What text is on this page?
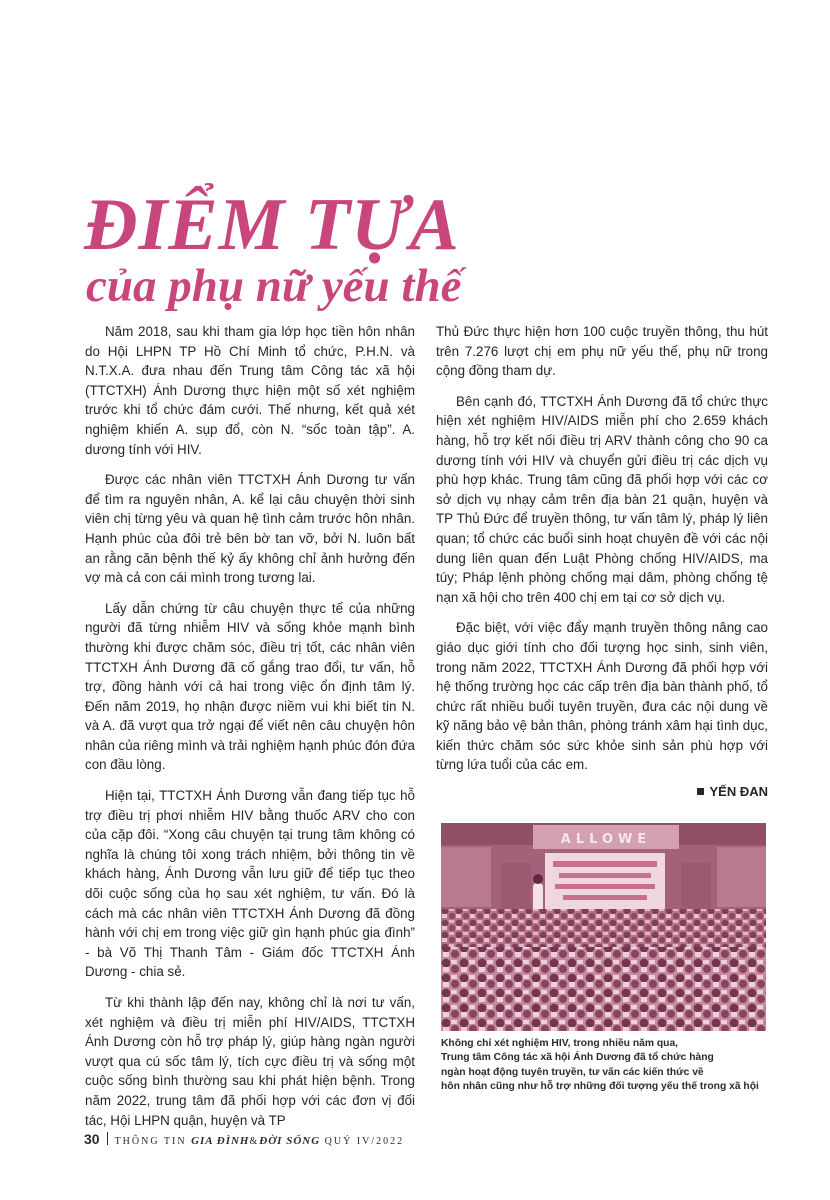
ĐIỂM TỰA
của phụ nữ yếu thế

Năm 2018, sau khi tham gia lớp học tiền hôn nhân do Hội LHPN TP Hồ Chí Minh tổ chức, P.H.N. và N.T.X.A. đưa nhau đến Trung tâm Công tác xã hội (TTCTXH) Ánh Dương thực hiện một số xét nghiệm trước khi tổ chức đám cưới. Thế nhưng, kết quả xét nghiệm khiến A. sụp đổ, còn N. “sốc toàn tập”. A. dương tính với HIV.

Được các nhân viên TTCTXH Ánh Dương tư vấn để tìm ra nguyên nhân, A. kể lại câu chuyện thời sinh viên chị từng yêu và quan hệ tình cảm trước hôn nhân. Hạnh phúc của đôi trẻ bên bờ tan vỡ, bởi N. luôn bất an rằng căn bệnh thế kỷ ấy không chỉ ảnh hưởng đến vợ mà cả con cái mình trong tương lai.

Lấy dẫn chứng từ câu chuyện thực tế của những người đã từng nhiễm HIV và sống khỏe mạnh bình thường khi được chăm sóc, điều trị tốt, các nhân viên TTCTXH Ánh Dương đã cố gắng trao đổi, tư vấn, hỗ trợ, đồng hành với cả hai trong việc ổn định tâm lý. Đến năm 2019, họ nhận được niềm vui khi biết tin N. và A. đã vượt qua trở ngại để viết nên câu chuyện hôn nhân của riêng mình và trải nghiệm hạnh phúc đón đứa con đầu lòng.

Hiện tại, TTCTXH Ánh Dương vẫn đang tiếp tục hỗ trợ điều trị phơi nhiễm HIV bằng thuốc ARV cho con của cặp đôi. “Xong câu chuyện tại trung tâm không có nghĩa là chúng tôi xong trách nhiệm, bởi thông tin về khách hàng, Ánh Dương vẫn lưu giữ để tiếp tục theo dõi cuộc sống của họ sau xét nghiệm, tư vấn. Đó là cách mà các nhân viên TTCTXH Ánh Dương đã đồng hành với chị em trong việc giữ gìn hạnh phúc gia đình” - bà Võ Thị Thanh Tâm - Giám đốc TTCTXH Ánh Dương - chia sẻ.

Từ khi thành lập đến nay, không chỉ là nơi tư vấn, xét nghiệm và điều trị miễn phí HIV/AIDS, TTCTXH Ánh Dương còn hỗ trợ pháp lý, giúp hàng ngàn người vượt qua cú sốc tâm lý, tích cực điều trị và sống một cuộc sống bình thường sau khi phát hiện bệnh. Trong năm 2022, trung tâm đã phối hợp với các đơn vị đối tác, Hội LHPN quận, huyện và TP

Thủ Đức thực hiện hơn 100 cuộc truyền thông, thu hút trên 7.276 lượt chị em phụ nữ yếu thế, phụ nữ trong cộng đồng tham dự.

Bên cạnh đó, TTCTXH Ánh Dương đã tổ chức thực hiện xét nghiệm HIV/AIDS miễn phí cho 2.659 khách hàng, hỗ trợ kết nối điều trị ARV thành công cho 90 ca dương tính với HIV và chuyển gửi điều trị các dịch vụ phù hợp khác. Trung tâm cũng đã phối hợp với các cơ sở dịch vụ nhạy cảm trên địa bàn 21 quận, huyện và TP Thủ Đức để truyền thông, tư vấn tâm lý, pháp lý liên quan; tổ chức các buổi sinh hoạt chuyên đề với các nội dung liên quan đến Luật Phòng chống HIV/AIDS, ma túy; Pháp lệnh phòng chống mại dâm, phòng chống tệ nạn xã hội cho trên 400 chị em tại cơ sở dịch vụ.

Đặc biệt, với việc đẩy mạnh truyền thông nâng cao giáo dục giới tính cho đối tượng học sinh, sinh viên, trong năm 2022, TTCTXH Ánh Dương đã phối hợp với hệ thống trường học các cấp trên địa bàn thành phố, tổ chức rất nhiều buổi tuyên truyền, đưa các nội dung về kỹ năng bảo vệ bản thân, phòng tránh xâm hại tình dục, kiến thức chăm sóc sức khỏe sinh sản phù hợp với từng lứa tuổi của các em.

YẾN ĐAN
ALLOWE
Không chỉ xét nghiệm HIV, trong nhiều năm qua,
Trung tâm Công tác xã hội Ánh Dương đã tổ chức hàng
ngàn hoạt động tuyên truyền, tư vấn các kiến thức về
hôn nhân cũng như hỗ trợ những đối tượng yếu thế trong xã hội
30 THÔNG TIN GIA ĐÌNH&ĐỜI SỐNG QUÝ IV/2022
